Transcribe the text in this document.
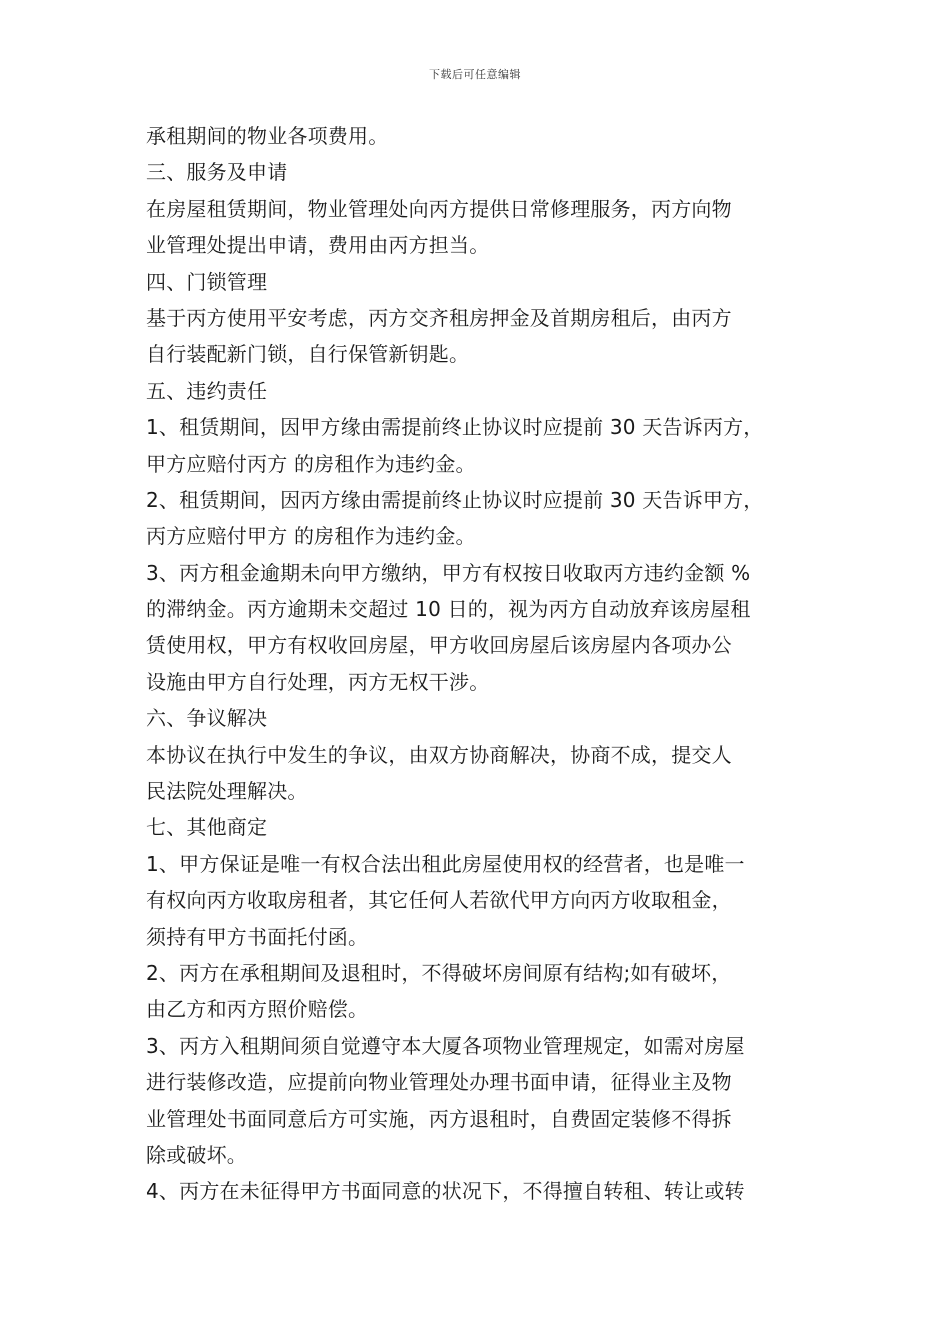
下载后可任意编辑
承租期间的物业各项费用。
三、服务及申请
在房屋租赁期间，物业管理处向丙方提供日常修理服务，丙方向物
业管理处提出申请，费用由丙方担当。
四、门锁管理
基于丙方使用平安考虑，丙方交齐租房押金及首期房租后，由丙方
自行装配新门锁，自行保管新钥匙。
五、违约责任
1、租赁期间，因甲方缘由需提前终止协议时应提前 30 天告诉丙方，
甲方应赔付丙方 的房租作为违约金。
2、租赁期间，因丙方缘由需提前终止协议时应提前 30 天告诉甲方，
丙方应赔付甲方 的房租作为违约金。
3、丙方租金逾期未向甲方缴纳，甲方有权按日收取丙方违约金额 %
的滞纳金。丙方逾期未交超过 10 日的，视为丙方自动放弃该房屋租
赁使用权，甲方有权收回房屋，甲方收回房屋后该房屋内各项办公
设施由甲方自行处理，丙方无权干涉。
六、争议解决
本协议在执行中发生的争议，由双方协商解决，协商不成，提交人
民法院处理解决。
七、其他商定
1、甲方保证是唯一有权合法出租此房屋使用权的经营者，也是唯一
有权向丙方收取房租者，其它任何人若欲代甲方向丙方收取租金，
须持有甲方书面托付函。
2、丙方在承租期间及退租时，不得破坏房间原有结构;如有破坏，
由乙方和丙方照价赔偿。
3、丙方入租期间须自觉遵守本大厦各项物业管理规定，如需对房屋
进行装修改造，应提前向物业管理处办理书面申请，征得业主及物
业管理处书面同意后方可实施，丙方退租时，自费固定装修不得拆
除或破坏。
4、丙方在未征得甲方书面同意的状况下，不得擅自转租、转让或转
